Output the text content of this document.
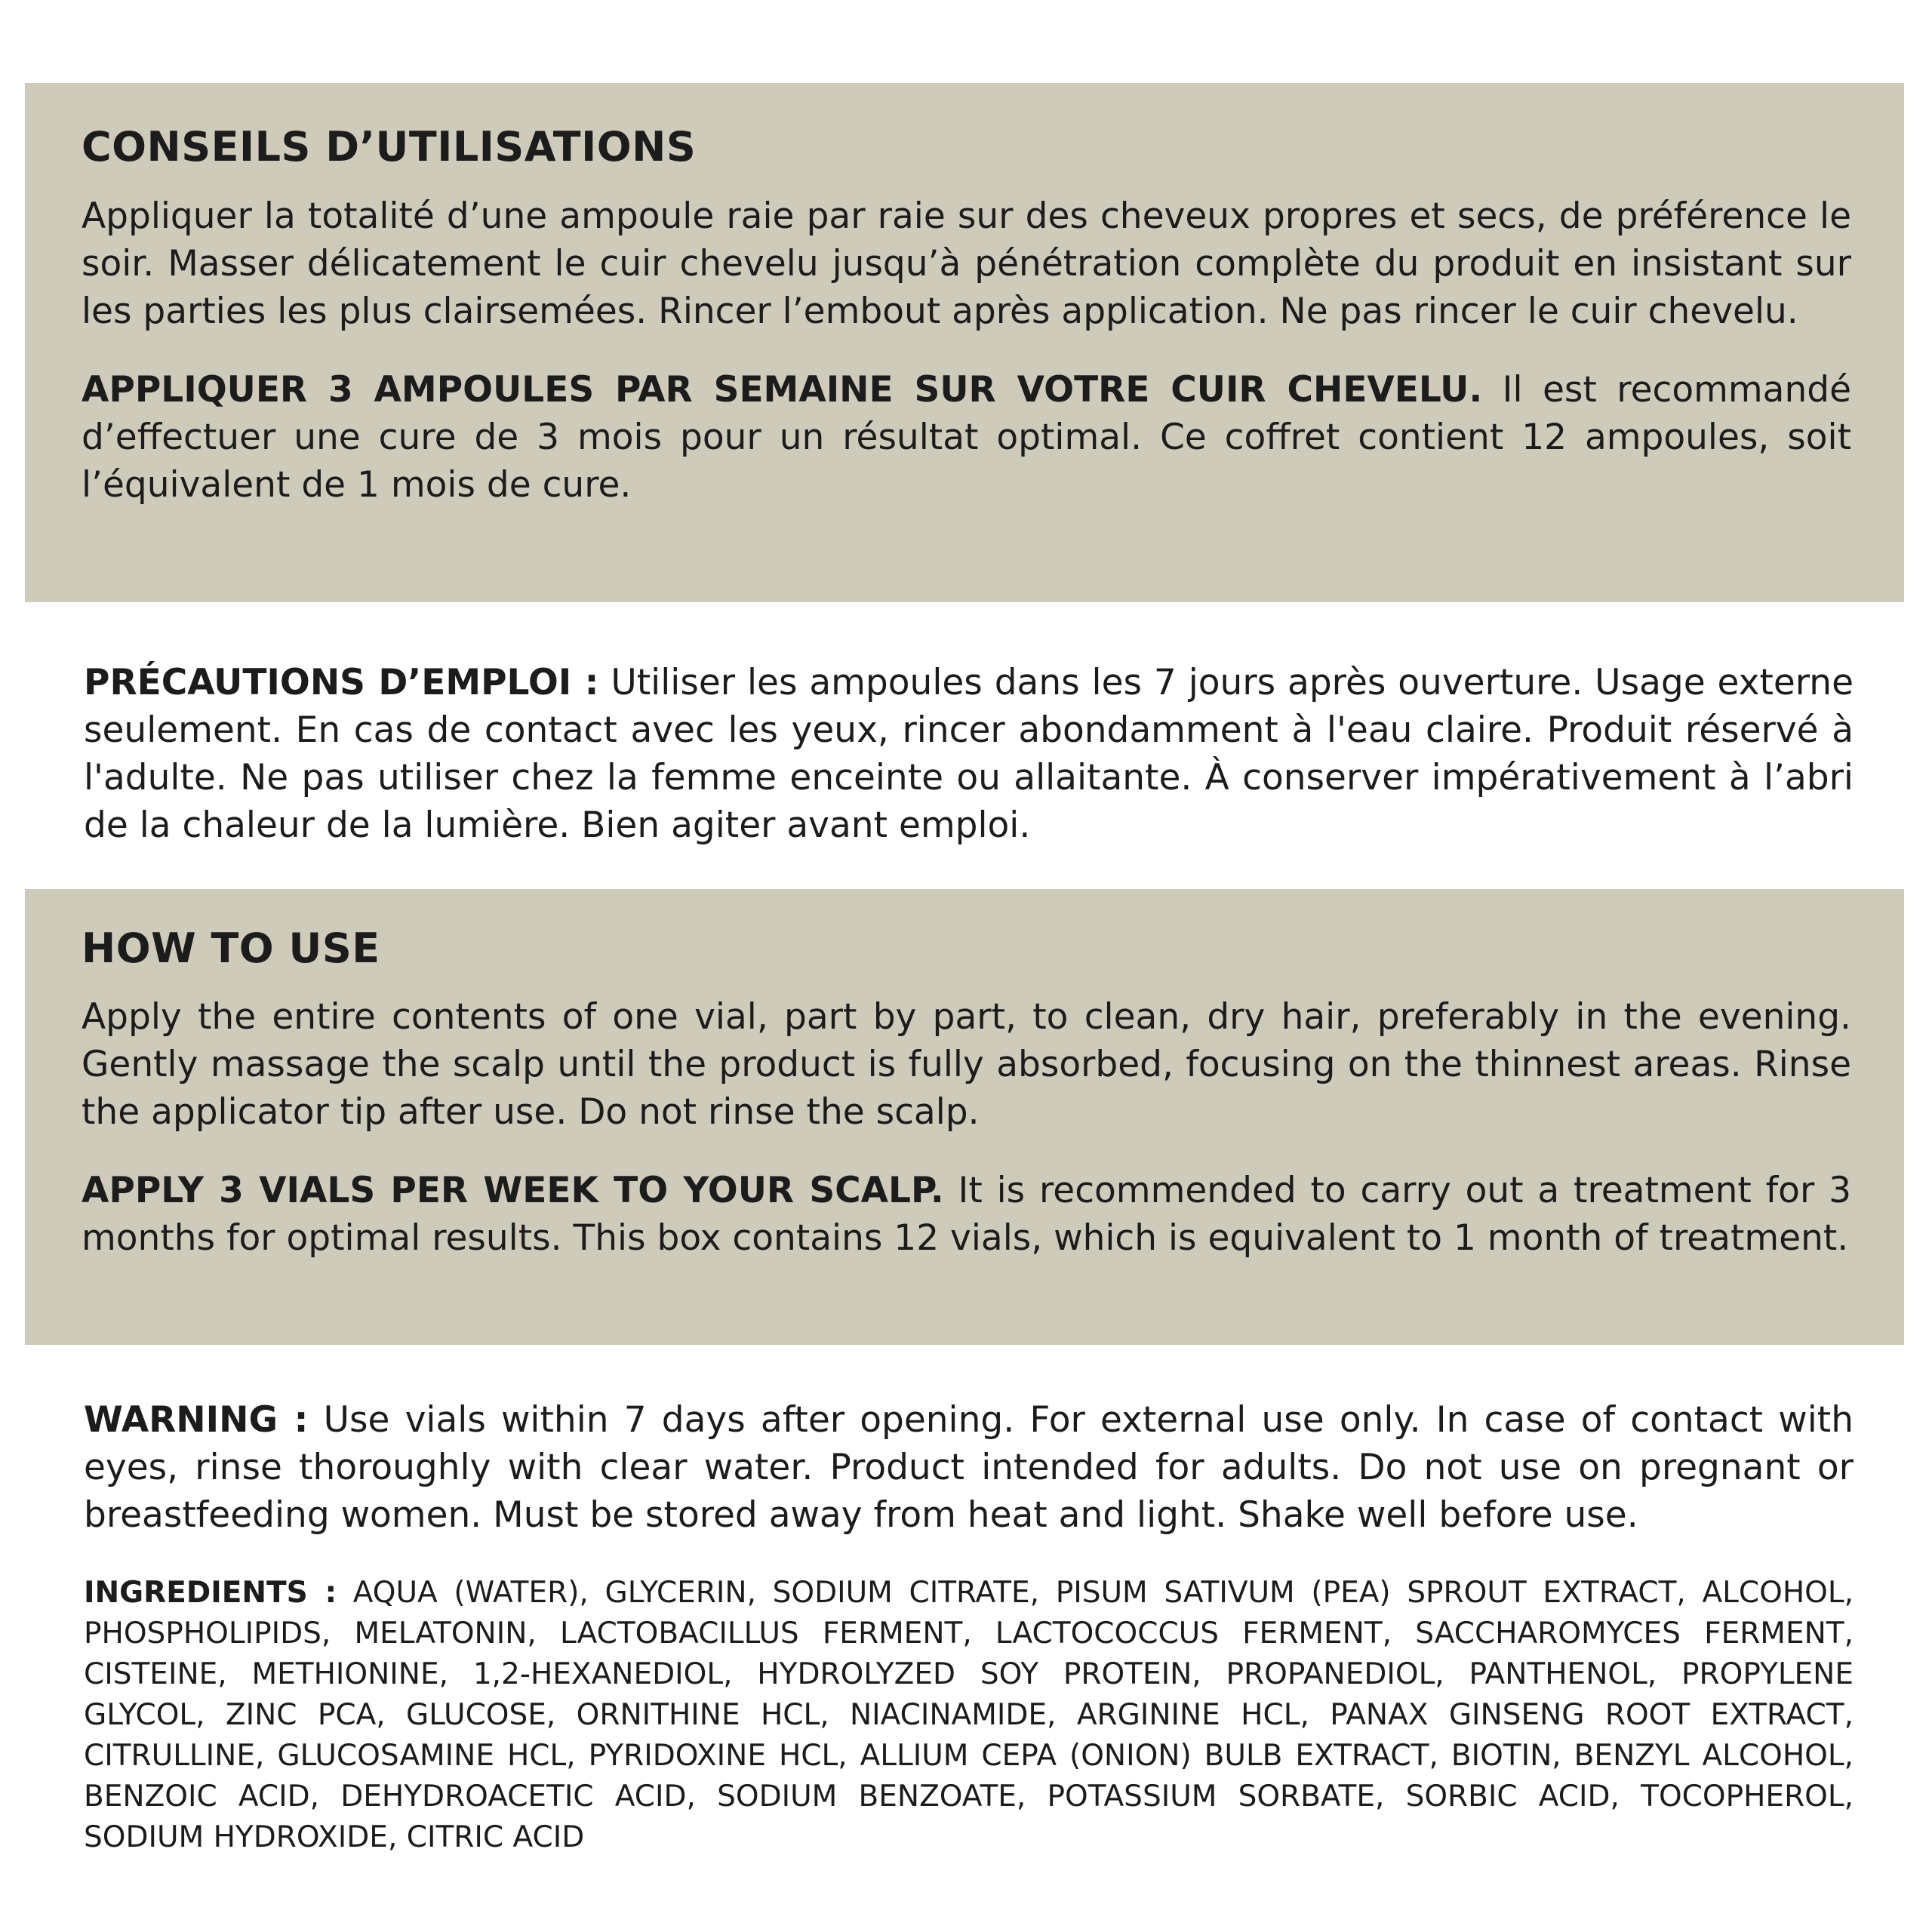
CONSEILS D’UTILISATIONS

Appliquer la totalité d’une ampoule raie par raie sur des cheveux propres et secs, de préférence le soir. Masser délicatement le cuir chevelu jusqu’à pénétration complète du produit en insistant sur les parties les plus clairsemées. Rincer l’embout après application. Ne pas rincer le cuir chevelu.

APPLIQUER 3 AMPOULES PAR SEMAINE SUR VOTRE CUIR CHEVELU. Il est recommandé d’effectuer une cure de 3 mois pour un résultat optimal. Ce coffret contient 12 ampoules, soit l’équivalent de 1 mois de cure.

PRÉCAUTIONS D’EMPLOI : Utiliser les ampoules dans les 7 jours après ouverture. Usage externe seulement. En cas de contact avec les yeux, rincer abondamment à l'eau claire. Produit réservé à l'adulte. Ne pas utiliser chez la femme enceinte ou allaitante. À conserver impérativement à l’abri de la chaleur de la lumière. Bien agiter avant emploi.

HOW TO USE

Apply the entire contents of one vial, part by part, to clean, dry hair, preferably in the evening. Gently massage the scalp until the product is fully absorbed, focusing on the thinnest areas. Rinse the applicator tip after use. Do not rinse the scalp.

APPLY 3 VIALS PER WEEK TO YOUR SCALP. It is recommended to carry out a treatment for 3 months for optimal results. This box contains 12 vials, which is equivalent to 1 month of treatment.

WARNING : Use vials within 7 days after opening. For external use only. In case of contact with eyes, rinse thoroughly with clear water. Product intended for adults. Do not use on pregnant or breastfeeding women. Must be stored away from heat and light. Shake well before use.

INGREDIENTS : AQUA (WATER), GLYCERIN, SODIUM CITRATE, PISUM SATIVUM (PEA) SPROUT EXTRACT, ALCOHOL, PHOSPHOLIPIDS, MELATONIN, LACTOBACILLUS FERMENT, LACTOCOCCUS FERMENT, SACCHAROMYCES FERMENT, CISTEINE, METHIONINE, 1,2-HEXANEDIOL, HYDROLYZED SOY PROTEIN, PROPANEDIOL, PANTHENOL, PROPYLENE GLYCOL, ZINC PCA, GLUCOSE, ORNITHINE HCL, NIACINAMIDE, ARGININE HCL, PANAX GINSENG ROOT EXTRACT, CITRULLINE, GLUCOSAMINE HCL, PYRIDOXINE HCL, ALLIUM CEPA (ONION) BULB EXTRACT, BIOTIN, BENZYL ALCOHOL, BENZOIC ACID, DEHYDROACETIC ACID, SODIUM BENZOATE, POTASSIUM SORBATE, SORBIC ACID, TOCOPHEROL, SODIUM HYDROXIDE, CITRIC ACID
